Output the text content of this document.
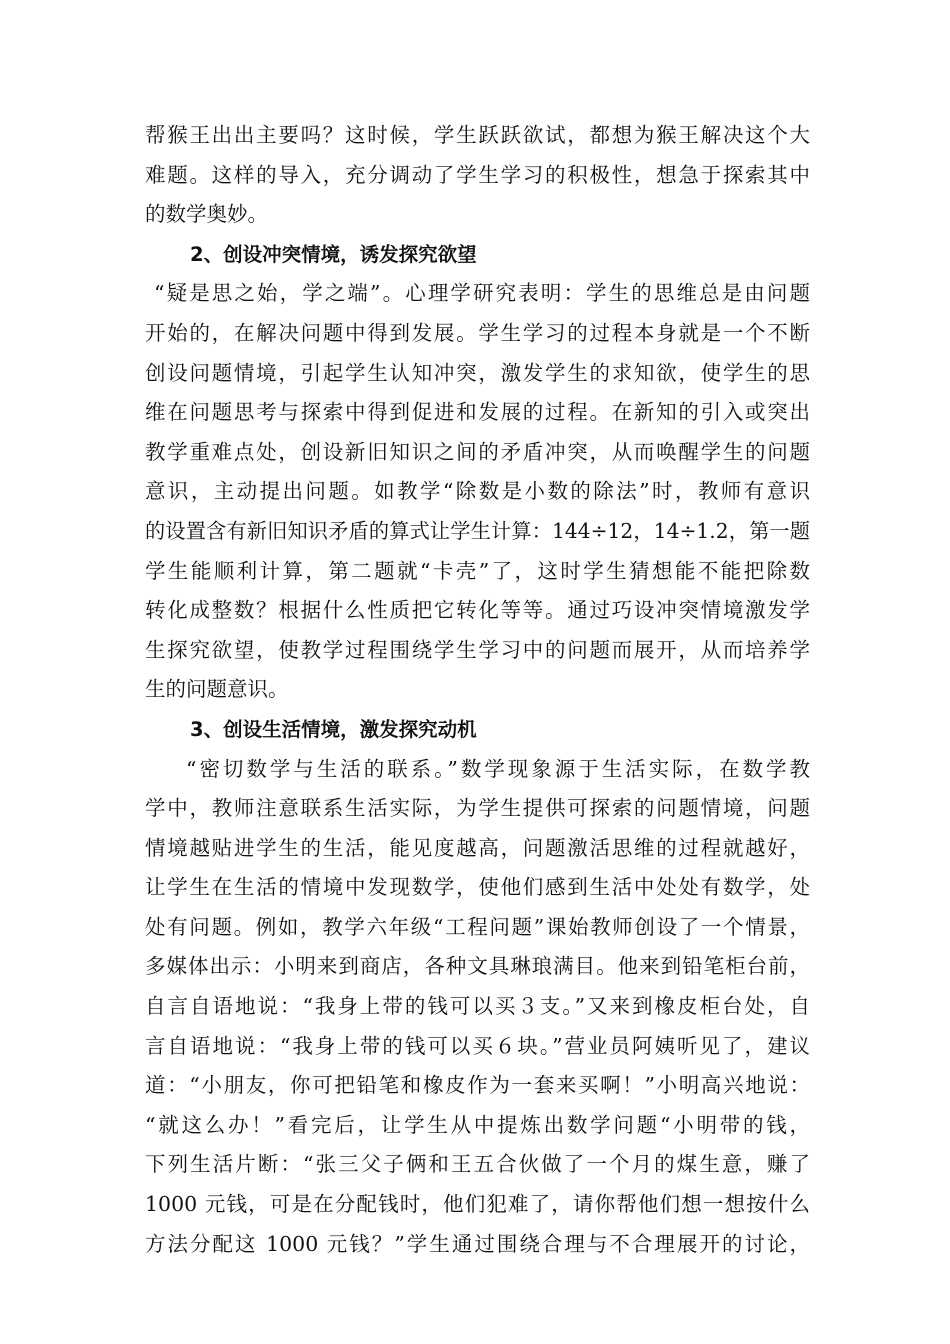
帮猴王出出主要吗？这时候，学生跃跃欲试，都想为猴王解决这个大
难题。这样的导入，充分调动了学生学习的积极性，想急于探索其中
的数学奥妙。
2、创设冲突情境，诱发探究欲望
“疑是思之始，学之端”。心理学研究表明：学生的思维总是由问题
开始的，在解决问题中得到发展。学生学习的过程本身就是一个不断
创设问题情境，引起学生认知冲突，激发学生的求知欲，使学生的思
维在问题思考与探索中得到促进和发展的过程。在新知的引入或突出
教学重难点处，创设新旧知识之间的矛盾冲突，从而唤醒学生的问题
意识，主动提出问题。如教学“除数是小数的除法”时，教师有意识
的设置含有新旧知识矛盾的算式让学生计算：144÷12，14÷1.2，第一题
学生能顺利计算，第二题就“卡壳”了，这时学生猜想能不能把除数
转化成整数？根据什么性质把它转化等等。通过巧设冲突情境激发学
生探究欲望，使教学过程围绕学生学习中的问题而展开，从而培养学
生的问题意识。
3、创设生活情境，激发探究动机
“密切数学与生活的联系。”数学现象源于生活实际，在数学教
学中，教师注意联系生活实际，为学生提供可探索的问题情境，问题
情境越贴进学生的生活，能见度越高，问题激活思维的过程就越好，
让学生在生活的情境中发现数学，使他们感到生活中处处有数学，处
处有问题。例如，教学六年级“工程问题”课始教师创设了一个情景，
多媒体出示：小明来到商店，各种文具琳琅满目。他来到铅笔柜台前，
自言自语地说：“我身上带的钱可以买３支。”又来到橡皮柜台处，自
言自语地说：“我身上带的钱可以买６块。”营业员阿姨听见了，建议
道：“小朋友，你可把铅笔和橡皮作为一套来买啊！”小明高兴地说：
“就这么办！”看完后，让学生从中提炼出数学问题“小明带的钱，
下列生活片断：“张三父子俩和王五合伙做了一个月的煤生意，赚了
1000 元钱，可是在分配钱时，他们犯难了，请你帮他们想一想按什么
方法分配这 1000 元钱？”学生通过围绕合理与不合理展开的讨论，
